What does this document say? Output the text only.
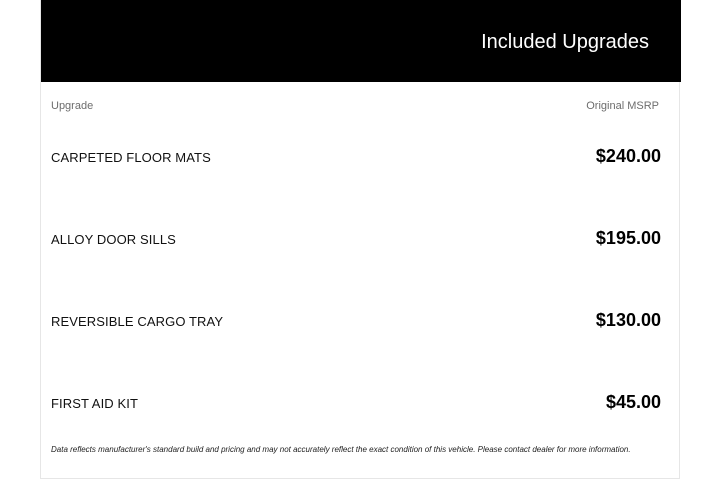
Included Upgrades
Upgrade	Original MSRP
CARPETED FLOOR MATS	$240.00
ALLOY DOOR SILLS	$195.00
REVERSIBLE CARGO TRAY	$130.00
FIRST AID KIT	$45.00
Data reflects manufacturer's standard build and pricing and may not accurately reflect the exact condition of this vehicle. Please contact dealer for more information.
